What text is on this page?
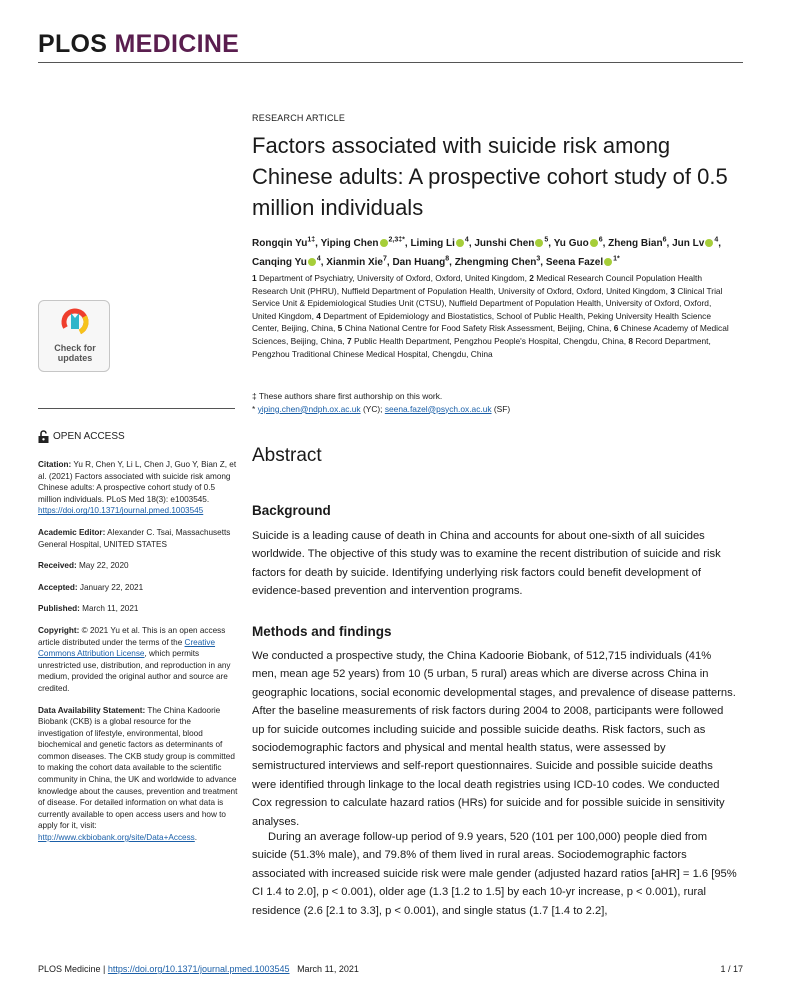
PLOS MEDICINE
RESEARCH ARTICLE
Factors associated with suicide risk among Chinese adults: A prospective cohort study of 0.5 million individuals
Rongqin $Yu^{1\ddagger}$, Yiping Chen $^{2,3\ddagger*}$, Liming Li $^4$, Junshi Chen $^5$, Yu Guo $^6$, Zheng Bian$^6$, Jun Lv $^4$, Canqing Yu $^4$, Xianmin Xie$^7$, Dan Huang$^8$, Zhengming Chen$^3$, Seena Fazel $^{1*}$
1 Department of Psychiatry, University of Oxford, Oxford, United Kingdom, 2 Medical Research Council Population Health Research Unit (PHRU), Nuffield Department of Population Health, University of Oxford, Oxford, United Kingdom, 3 Clinical Trial Service Unit & Epidemiological Studies Unit (CTSU), Nuffield Department of Population Health, University of Oxford, Oxford, United Kingdom, 4 Department of Epidemiology and Biostatistics, School of Public Health, Peking University Health Science Center, Beijing, China, 5 China National Centre for Food Safety Risk Assessment, Beijing, China, 6 Chinese Academy of Medical Sciences, Beijing, China, 7 Public Health Department, Pengzhou People's Hospital, Chengdu, China, 8 Record Department, Pengzhou Traditional Chinese Medical Hospital, Chengdu, China
‡ These authors share first authorship on this work.
* yiping.chen@ndph.ox.ac.uk (YC); seena.fazel@psych.ox.ac.uk (SF)
Check for
updates
OPEN ACCESS
Citation: Yu R, Chen Y, Li L, Chen J, Guo Y, Bian Z, et al. (2021) Factors associated with suicide risk among Chinese adults: A prospective cohort study of 0.5 million individuals. PLoS Med 18(3): e1003545. https://doi.org/10.1371/journal.pmed.1003545
Academic Editor: Alexander C. Tsai, Massachusetts General Hospital, UNITED STATES
Received: May 22, 2020
Accepted: January 22, 2021
Published: March 11, 2021
Copyright: © 2021 Yu et al. This is an open access article distributed under the terms of the Creative Commons Attribution License, which permits unrestricted use, distribution, and reproduction in any medium, provided the original author and source are credited.
Data Availability Statement: The China Kadoorie Biobank (CKB) is a global resource for the investigation of lifestyle, environmental, blood biochemical and genetic factors as determinants of common diseases. The CKB study group is committed to making the cohort data available to the scientific community in China, the UK and worldwide to advance knowledge about the causes, prevention and treatment of disease. For detailed information on what data is currently available to open access users and how to apply for it, visit: http://www.ckbiobank.org/site/Data+Access.
Abstract
Background

Suicide is a leading cause of death in China and accounts for about one-sixth of all suicides worldwide. The objective of this study was to examine the recent distribution of suicide and risk factors for death by suicide. Identifying underlying risk factors could benefit development of evidence-based prevention and intervention programs.

Methods and findings

We conducted a prospective study, the China Kadoorie Biobank, of 512,715 individuals (41% men, mean age 52 years) from 10 (5 urban, 5 rural) areas which are diverse across China in geographic locations, social economic developmental stages, and prevalence of disease patterns. After the baseline measurements of risk factors during 2004 to 2008, participants were followed up for suicide outcomes including suicide and possible suicide deaths. Risk factors, such as sociodemographic factors and physical and mental health status, were assessed by semistructured interviews and self-report questionnaires. Suicide and possible suicide deaths were identified through linkage to the local death registries using ICD-10 codes. We conducted Cox regression to calculate hazard ratios (HRs) for suicide and for possible suicide in sensitivity analyses.

During an average follow-up period of 9.9 years, 520 (101 per 100,000) people died from suicide (51.3% male), and 79.8% of them lived in rural areas. Sociodemographic factors associated with increased suicide risk were male gender (adjusted hazard ratios [aHR] = 1.6 [95% CI 1.4 to 2.0], p < 0.001), older age (1.3 [1.2 to 1.5] by each 10-yr increase, p < 0.001), rural residence (2.6 [2.1 to 3.3], p < 0.001), and single status (1.7 [1.4 to 2.2],

PLOS Medicine | https://doi.org/10.1371/journal.pmed.1003545 March 11, 2021	1 / 17
